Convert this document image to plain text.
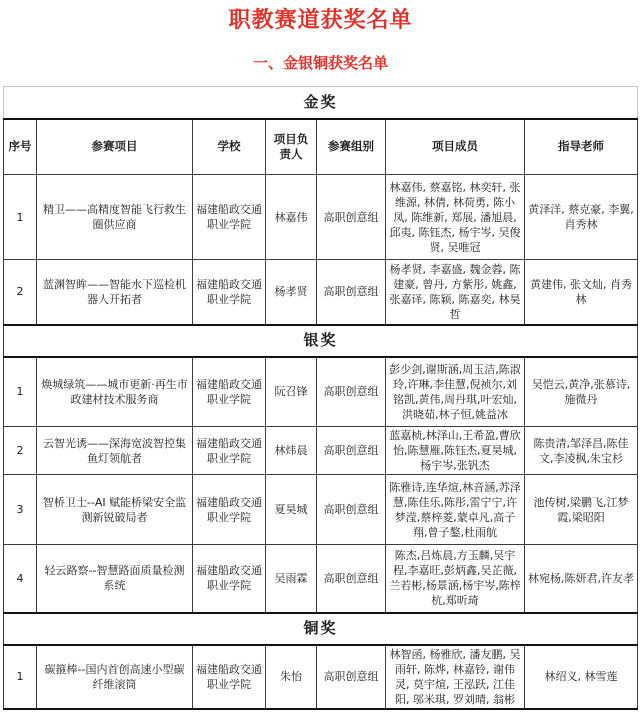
职教赛道获奖名单
一、金银铜获奖名单
金奖						
序号	参赛项目	学校	项目负责人	参赛组别	项目成员	指导老师
1	精卫——高精度智能飞行救生圈供应商	福建船政交通职业学院	林嘉伟	高职创意组	林嘉伟, 蔡嘉铭, 林奕轩, 张维源, 林倩, 林荷勇, 陈小凤, 陈维新, 郑展, 潘旭晨, 邱夷, 陈钰杰, 杨宇岑, 吴俊贤, 吴唯冠	黄泽洋, 蔡克豪, 李翼, 肖秀林
2	蓝渊智眸——智能水下巡检机器人开拓者	福建船政交通职业学院	杨孝贤	高职创意组	杨孝贤, 李嘉盛, 魏金蓉, 陈建豪, 曾丹, 方紫彤, 姚鑫, 张嘉译, 陈颖, 陈嘉奕, 林昊哲	黄建伟, 张文灿, 肖秀林
银奖						
1	焕城绿筑——城市更新·再生市政建材技术服务商	福建船政交通职业学院	阮召锋	高职创意组	彭少剑,谢斯涵,周玉洁,陈淑玲,许琳,李佳慧,倪祯尔,刘铭凯,黄伟,周丹琪,叶宏灿,洪晓茹,林子恒,姚益冰	吴恺云,黄净,张慕诗,施微丹
2	云智光诱——深海宽波智控集鱼灯领航者	福建船政交通职业学院	林炜晨	高职创意组	蓝嘉桢,林泽山,王希盈,曹欣怡,陈慧雁,陈钰杰,夏昊城,杨宇岑,张钒杰	陈贵清,邹泽昌,陈佳文,李凌枫,朱宝杉
3	智桥卫士--AI 赋能桥梁安全监测新锐破局者	福建船政交通职业学院	夏昊城	高职创意组	陈雅诗,连华煊,林音涵,苏泽慧,陈佳乐,陈彤,雷宁宁,许梦滢,蔡梓菱,蒙卓凡,高子翔,曾子鏊,杜雨航	池传树,梁鹏飞,江梦霞,梁昭阳
4	轻云路察--智慧路面质量检测系统	福建船政交通职业学院	吴雨霖	高职创意组	陈杰,吕炼晨,方玉麟,吴宇程,李嘉旺,彭炳鑫,吴芷薇,兰若彬,杨景涵,杨宇岑,陈梓杭,郑昕琦	林宛杨,陈妍君,许友孝
铜奖						
1	碳箍棒--国内首创高速小型碳纤维滚筒	福建船政交通职业学院	朱怡	高职创意组	林智函, 杨雅欣, 潘友鹏, 吴雨轩, 陈烨, 林嘉铃, 谢伟灵, 莫宇煊, 王泓跃, 江佳阳, 邬米琪, 罗刘晴, 翁彬	林绍义, 林雪莲
